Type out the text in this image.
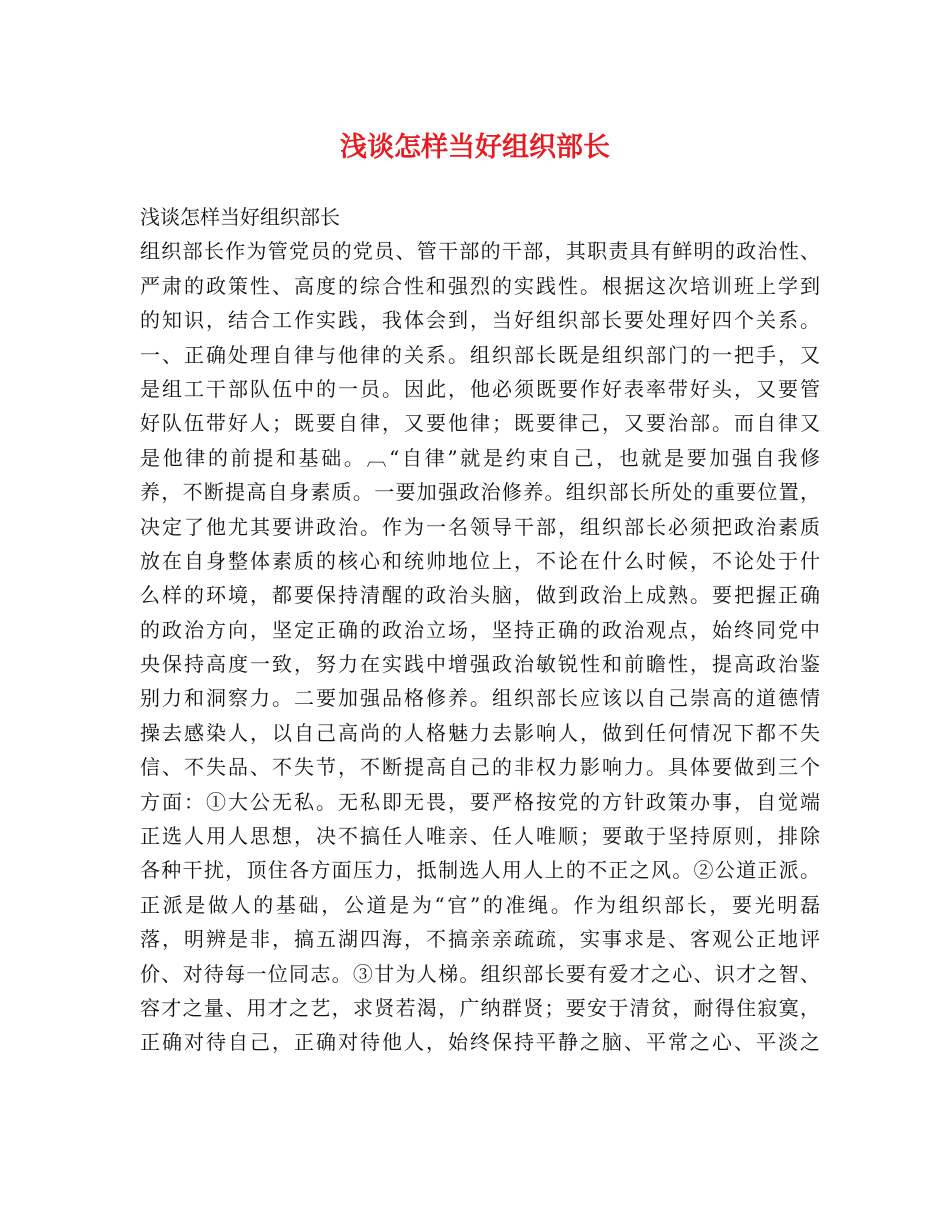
浅谈怎样当好组织部长
浅谈怎样当好组织部长
组织部长作为管党员的党员、管干部的干部，其职责具有鲜明的政治性、
严肃的政策性、高度的综合性和强烈的实践性。根据这次培训班上学到
的知识，结合工作实践，我体会到，当好组织部长要处理好四个关系。
一、正确处理自律与他律的关系。组织部长既是组织部门的一把手，又
是组工干部队伍中的一员。因此，他必须既要作好表率带好头，又要管
好队伍带好人；既要自律，又要他律；既要律己，又要治部。而自律又
是他律的前提和基础。︹“自律”就是约束自己，也就是要加强自我修
养，不断提高自身素质。一要加强政治修养。组织部长所处的重要位置，
决定了他尤其要讲政治。作为一名领导干部，组织部长必须把政治素质
放在自身整体素质的核心和统帅地位上，不论在什么时候，不论处于什
么样的环境，都要保持清醒的政治头脑，做到政治上成熟。要把握正确
的政治方向，坚定正确的政治立场，坚持正确的政治观点，始终同党中
央保持高度一致，努力在实践中增强政治敏锐性和前瞻性，提高政治鉴
别力和洞察力。二要加强品格修养。组织部长应该以自己崇高的道德情
操去感染人，以自己高尚的人格魅力去影响人，做到任何情况下都不失
信、不失品、不失节，不断提高自己的非权力影响力。具体要做到三个
方面：①大公无私。无私即无畏，要严格按党的方针政策办事，自觉端
正选人用人思想，决不搞任人唯亲、任人唯顺；要敢于坚持原则，排除
各种干扰，顶住各方面压力，抵制选人用人上的不正之风。②公道正派。
正派是做人的基础，公道是为“官”的准绳。作为组织部长，要光明磊
落，明辨是非，搞五湖四海，不搞亲亲疏疏，实事求是、客观公正地评
价、对待每一位同志。③甘为人梯。组织部长要有爱才之心、识才之智、
容才之量、用才之艺，求贤若渴，广纳群贤；要安于清贫，耐得住寂寞，
正确对待自己，正确对待他人，始终保持平静之脑、平常之心、平淡之
